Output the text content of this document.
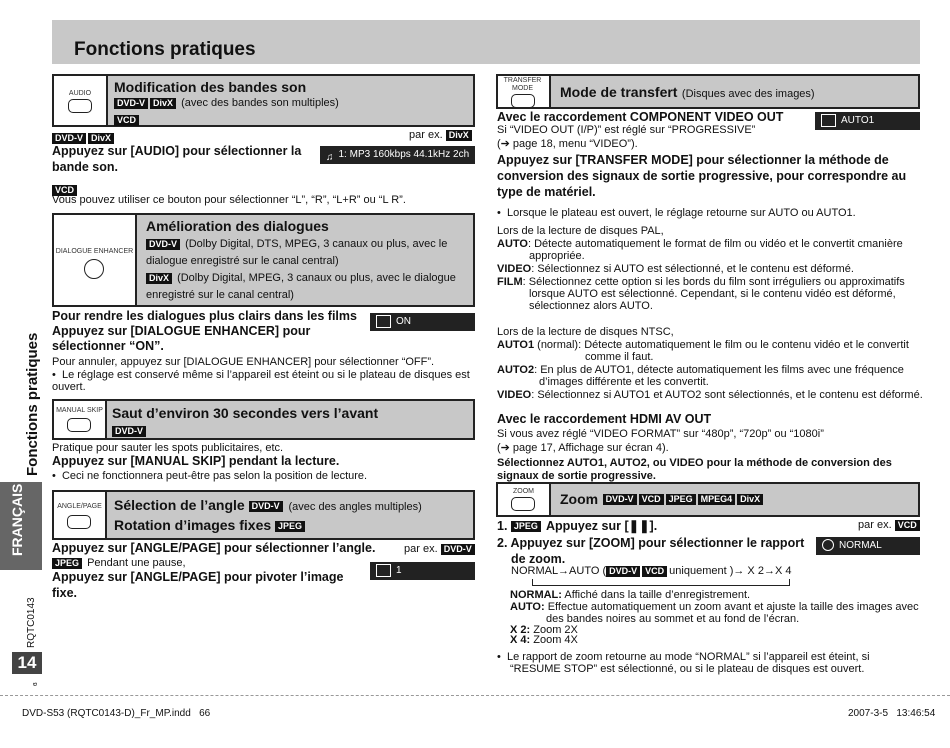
Fonctions pratiques
Fonctions pratiques
FRANÇAIS
RQTC0143
14
ɞ
AUDIO	Modification des bandes son
DVD-V DivX (avec des bandes son multiples)
VCD
DVD-V DivX	par ex. DivX
Appuyez sur [AUDIO] pour sélectionner la bande son.
♫ 1: MP3 160kbps 44.1kHz 2ch
VCD
Vous pouvez utiliser ce bouton pour sélectionner “L”, “R”, “L+R” ou “L R”.
DIALOGUE ENHANCER
Amélioration des dialogues
DVD-V (Dolby Digital, DTS, MPEG, 3 canaux ou plus, avec le dialogue enregistré sur le canal central)
DivX (Dolby Digital, MPEG, 3 canaux ou plus, avec le dialogue enregistré sur le canal central)
Pour rendre les dialogues plus clairs dans les films
Appuyez sur [DIALOGUE ENHANCER] pour sélectionner “ON”.
ON
Pour annuler, appuyez sur [DIALOGUE ENHANCER] pour sélectionner “OFF”.
•  Le réglage est conservé même si l’appareil est éteint ou si le plateau de disques est ouvert.
MANUAL SKIP Saut d’environ 30 secondes vers l’avant
DVD-V
Pratique pour sauter les spots publicitaires, etc.
Appuyez sur [MANUAL SKIP] pendant la lecture.
•  Ceci ne fonctionnera peut-être pas selon la position de lecture.
ANGLE/PAGE Sélection de l’angle DVD-V (avec des angles multiples)
Rotation d’images fixes JPEG
Appuyez sur [ANGLE/PAGE] pour sélectionner l’angle.	par ex. DVD-V
JPEG Pendant une pause,
Appuyez sur [ANGLE/PAGE] pour pivoter l’image fixe.
1
TRANSFER MODE	Mode de transfert (Disques avec des images)
Avec le raccordement COMPONENT VIDEO OUT	AUTO1
Si “VIDEO OUT (I/P)” est réglé sur “PROGRESSIVE”
(➔ page 18, menu “VIDEO”).
Appuyez sur [TRANSFER MODE] pour sélectionner la méthode de conversion des signaux de sortie progressive, pour correspondre au type de matériel.
•  Lorsque le plateau est ouvert, le réglage retourne sur AUTO ou AUTO1.
Lors de la lecture de disques PAL,
AUTO: Détecte automatiquement le format de film ou vidéo et le convertit cmanière appropriée.
VIDEO: Sélectionnez si AUTO est sélectionné, et le contenu est déformé.
FILM: Sélectionnez cette option si les bords du film sont irréguliers ou approximatifs lorsque AUTO est sélectionné. Cependant, si le contenu vidéo est déformé, sélectionnez alors AUTO.
Lors de la lecture de disques NTSC,
AUTO1 (normal): Détecte automatiquement le film ou le contenu vidéo et le convertit comme il faut.
AUTO2: En plus de AUTO1, détecte automatiquement les films avec une fréquence d’images différente et les convertit.
VIDEO: Sélectionnez si AUTO1 et AUTO2 sont sélectionnés, et le contenu est déformé.
Avec le raccordement HDMI AV OUT
Si vous avez réglé “VIDEO FORMAT” sur “480p”, “720p” ou “1080i”
(➔ page 17, Affichage sur écran 4).
Sélectionnez AUTO1, AUTO2, ou VIDEO pour la méthode de conversion des signaux de sortie progressive.
ZOOM	Zoom DVD-V VCD JPEG MPEG4 DivX
1. JPEG Appuyez sur [❚❚].	par ex. VCD
2. Appuyez sur [ZOOM] pour sélectionner le rapport de zoom.
NORMAL
NORMAL→AUTO ( DVD-V VCD uniquement )→ X 2→X 4
NORMAL: Affiché dans la taille d’enregistrement.
AUTO: Effectue automatiquement un zoom avant et ajuste la taille des images avec des bandes noires au sommet et au fond de l’écran.
X 2: Zoom 2X
X 4: Zoom 4X
•  Le rapport de zoom retourne au mode “NORMAL” si l’appareil est éteint, si “RESUME STOP” est sélectionné, ou si le plateau de disques est ouvert.
DVD-S53 (RQTC0143-D)_Fr_MP.indd   66	2007-3-5   13:46:54
